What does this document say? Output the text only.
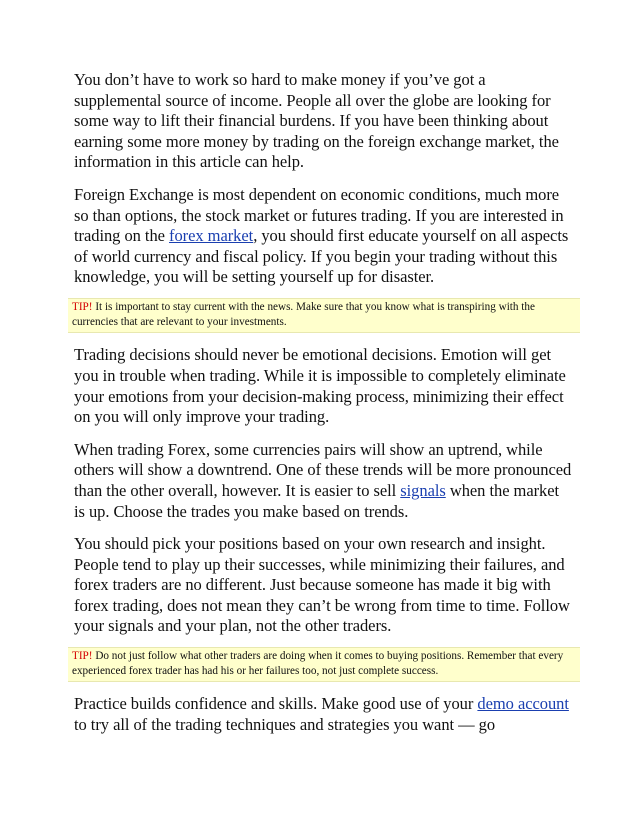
You don’t have to work so hard to make money if you’ve got a supplemental source of income. People all over the globe are looking for some way to lift their financial burdens. If you have been thinking about earning some more money by trading on the foreign exchange market, the information in this article can help.

Foreign Exchange is most dependent on economic conditions, much more so than options, the stock market or futures trading. If you are interested in trading on the forex market, you should first educate yourself on all aspects of world currency and fiscal policy. If you begin your trading without this knowledge, you will be setting yourself up for disaster.

TIP! It is important to stay current with the news. Make sure that you know what is transpiring with the currencies that are relevant to your investments.

Trading decisions should never be emotional decisions. Emotion will get you in trouble when trading. While it is impossible to completely eliminate your emotions from your decision-making process, minimizing their effect on you will only improve your trading.

When trading Forex, some currencies pairs will show an uptrend, while others will show a downtrend. One of these trends will be more pronounced than the other overall, however. It is easier to sell signals when the market is up. Choose the trades you make based on trends.

You should pick your positions based on your own research and insight. People tend to play up their successes, while minimizing their failures, and forex traders are no different. Just because someone has made it big with forex trading, does not mean they can’t be wrong from time to time. Follow your signals and your plan, not the other traders.

TIP! Do not just follow what other traders are doing when it comes to buying positions. Remember that every experienced forex trader has had his or her failures too, not just complete success.

Practice builds confidence and skills. Make good use of your demo account to try all of the trading techniques and strategies you want — go
